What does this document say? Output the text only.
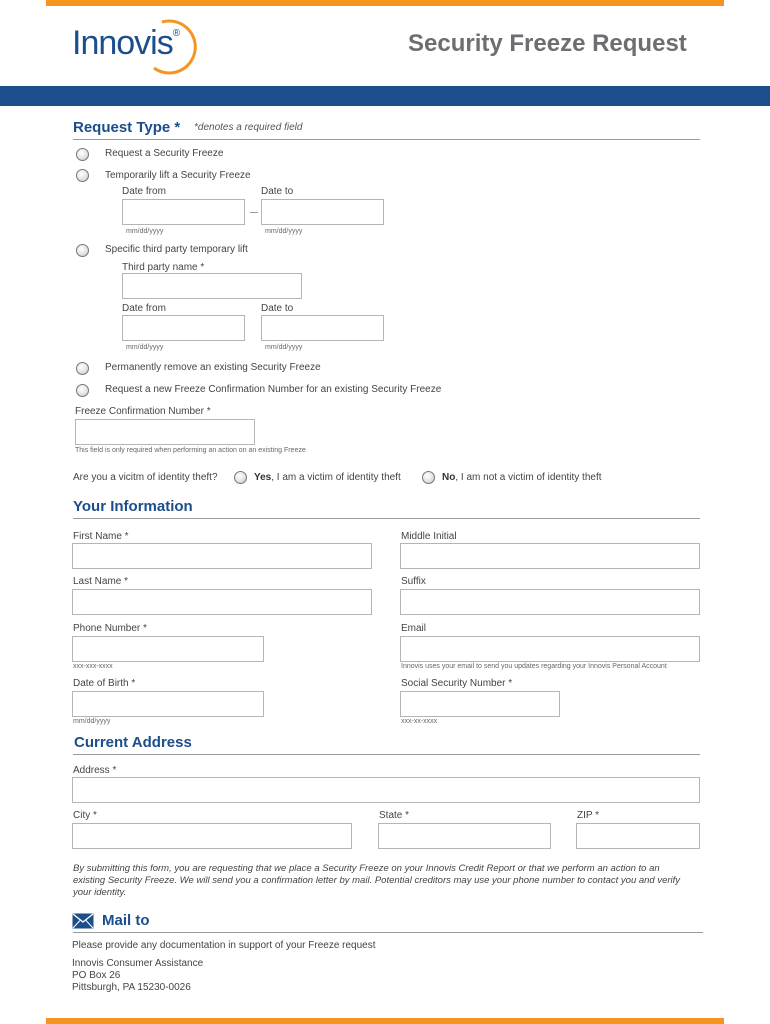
Innovis®	Security Freeze Request
Request Type * *denotes a required field
Request a Security Freeze
Temporarily lift a Security Freeze
Date from	Date to
mm/dd/yyyy	mm/dd/yyyy
Specific third party temporary lift
Third party name *
Date from	Date to
mm/dd/yyyy	mm/dd/yyyy
Permanently remove an existing Security Freeze
Request a new Freeze Confirmation Number for an existing Security Freeze
Freeze Confirmation Number *
This field is only required when performing an action on an existing Freeze
Are you a vicitm of identity theft?	Yes, I am a victim of identity theft	No, I am not a victim of identity theft
Your Information
First Name *	Middle Initial
Last Name *	Suffix
Phone Number *	Email
xxx-xxx-xxxx	Innovis uses your email to send you updates regarding your Innovis Personal Account
Date of Birth *	Social Security Number *
mm/dd/yyyy	xxx-xx-xxxx
Current Address
Address *
City *	State *	ZIP *
By submitting this form, you are requesting that we place a Security Freeze on your Innovis Credit Report or that we perform an action to an
existing Security Freeze. We will send you a confirmation letter by mail. Potential creditors may use your phone number to contact you and verify
your identity.
Mail to
Please provide any documentation in support of your Freeze request
Innovis Consumer Assistance
PO Box 26
Pittsburgh, PA 15230-0026
